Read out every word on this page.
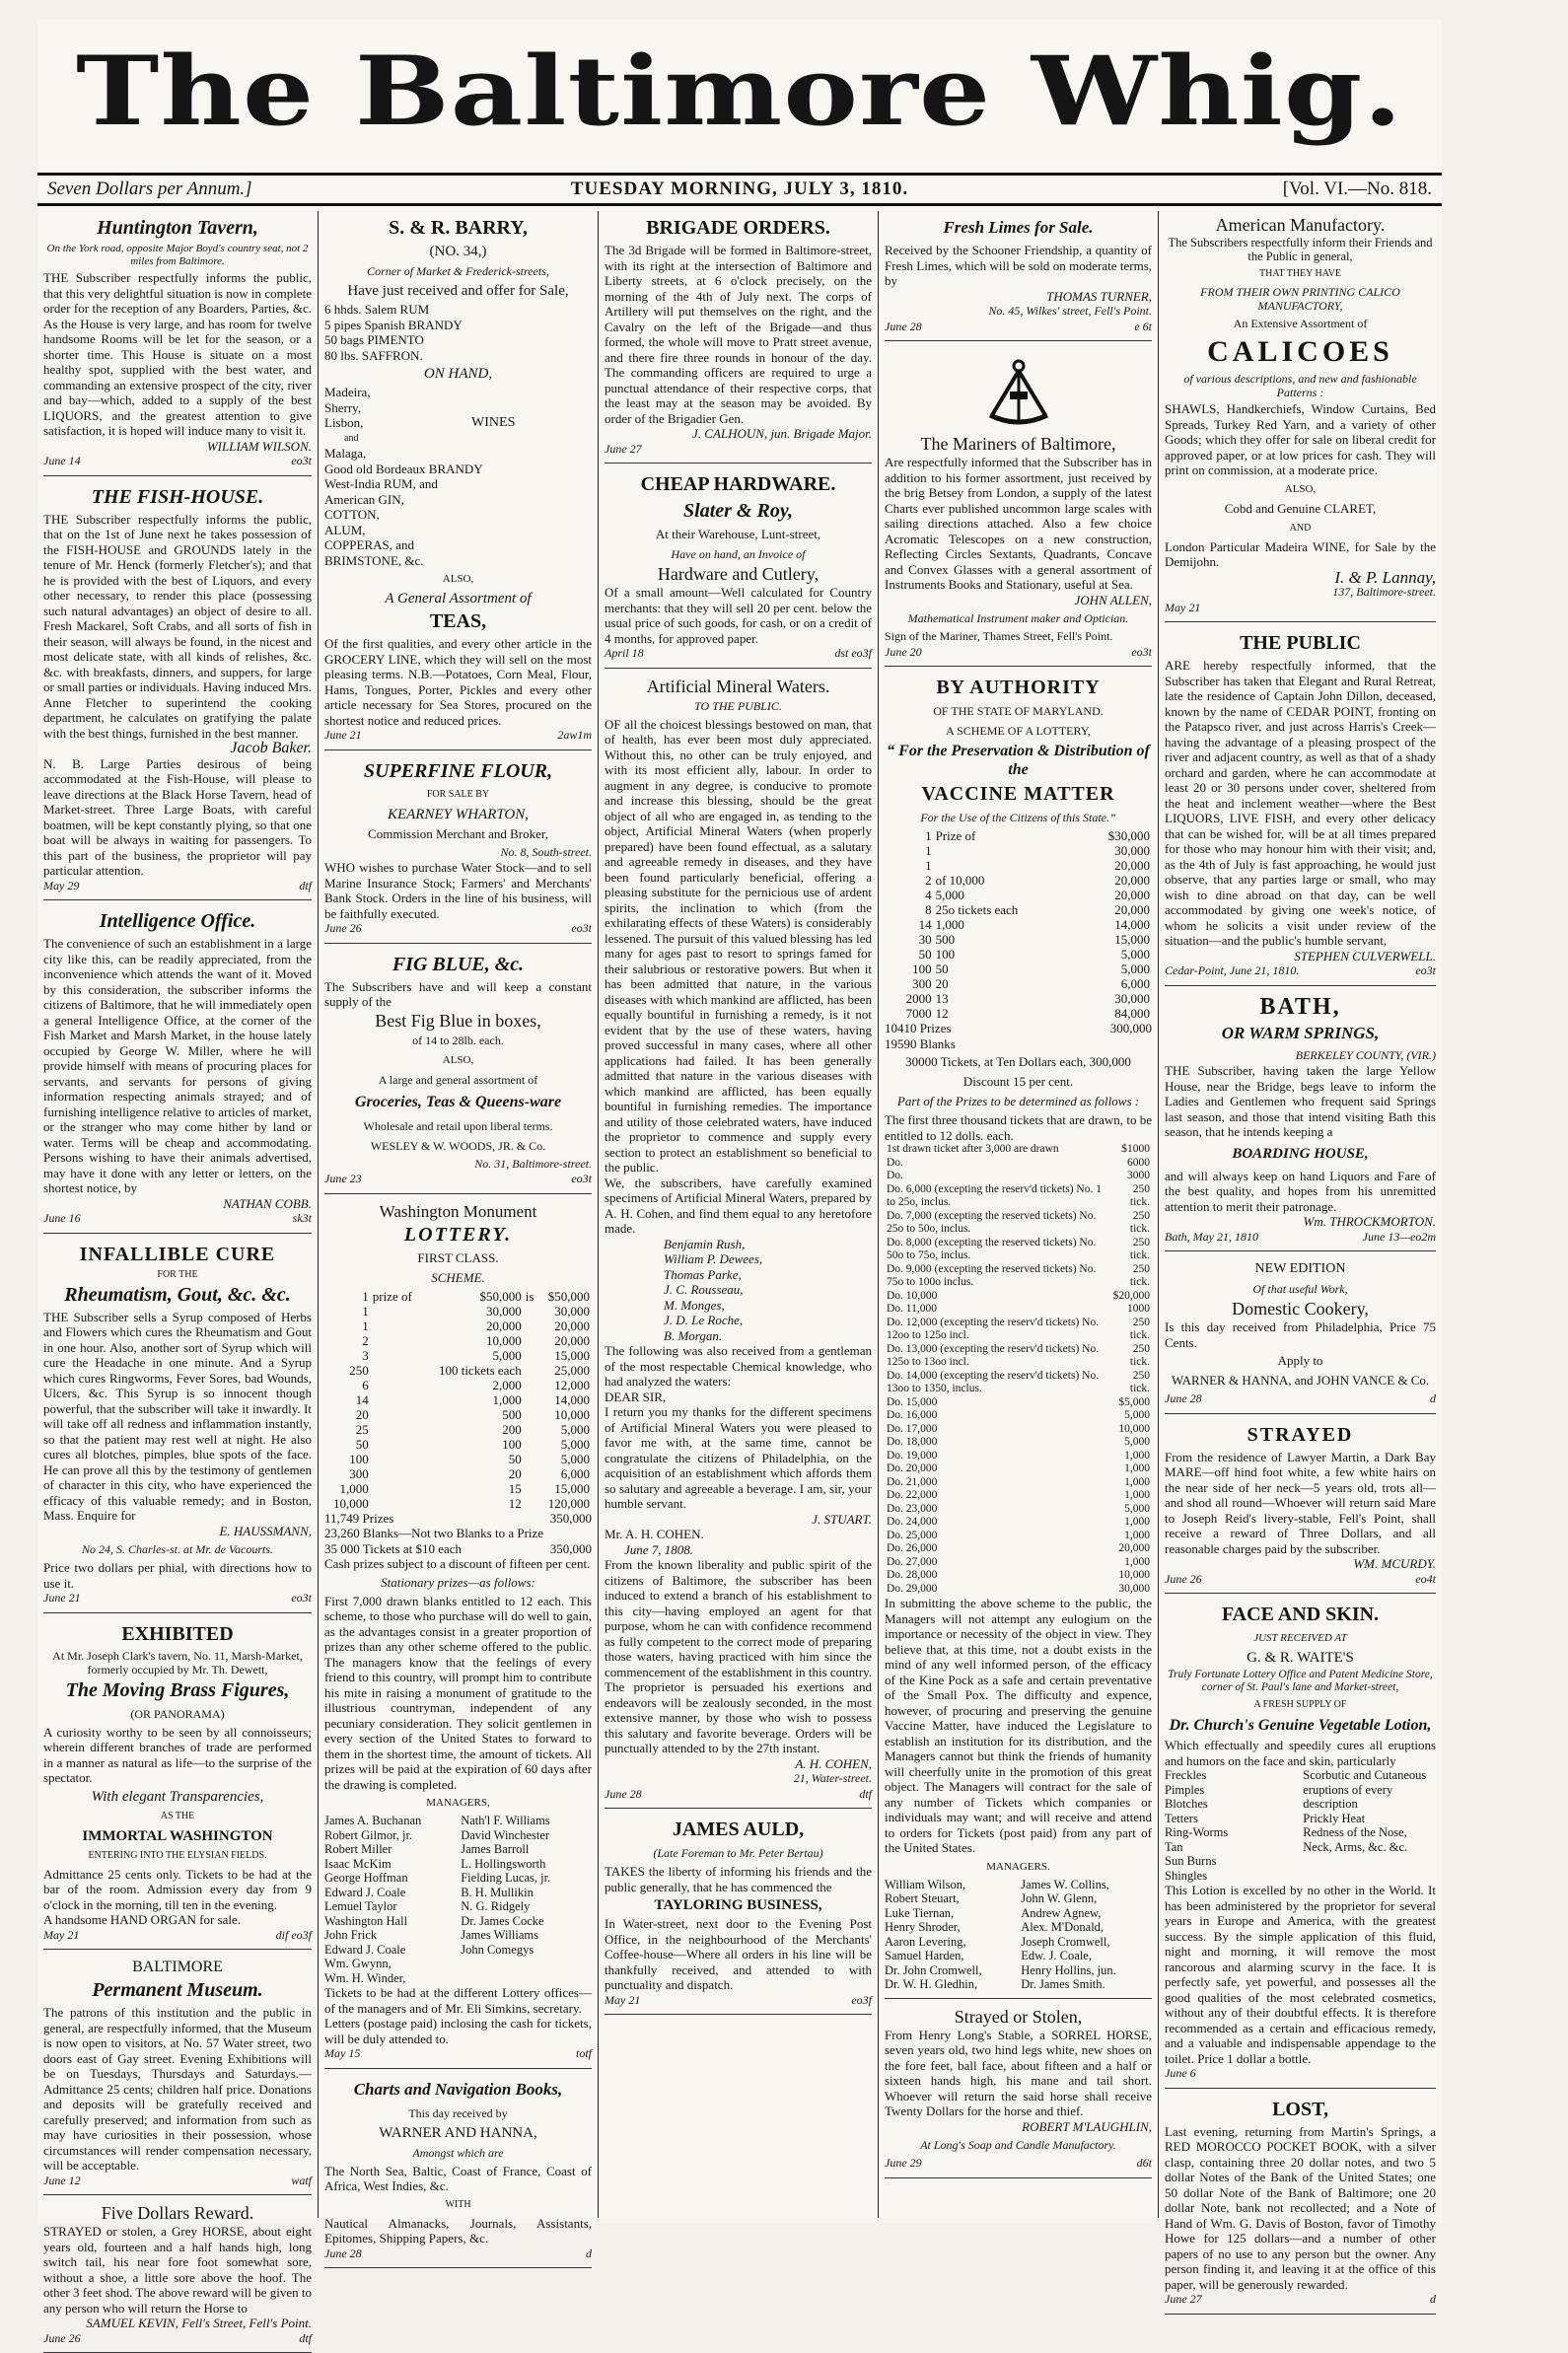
The Baltimore Whig.
Seven Dollars per Annum.]	TUESDAY MORNING, JULY 3, 1810.	[Vol. VI.—No. 818.
Huntington Tavern,
On the York road, opposite Major Boyd's country seat, not 2 miles from Baltimore.
THE Subscriber respectfully informs the public, that this very delightful situation is now in complete order for the reception of any Boarders, Parties, &c. As the House is very large, and has room for twelve handsome Rooms will be let for the season, or a shorter time. This House is situate on a most healthy spot, supplied with the best water, and commanding an extensive prospect of the city, river and bay—which, added to a supply of the best LIQUORS, and the greatest attention to give satisfaction, it is hoped will induce many to visit it.
WILLIAM WILSON.
June 14	eo3t
THE FISH-HOUSE.
THE Subscriber respectfully informs the public, that on the 1st of June next he takes possession of the FISH-HOUSE and GROUNDS lately in the tenure of Mr. Henck (formerly Fletcher's); and that he is provided with the best of Liquors, and every other necessary, to render this place (possessing such natural advantages) an object of desire to all. Fresh Mackarel, Soft Crabs, and all sorts of fish in their season, will always be found, in the nicest and most delicate state, with all kinds of relishes, &c. &c. with breakfasts, dinners, and suppers, for large or small parties or individuals. Having induced Mrs. Anne Fletcher to superintend the cooking department, he calculates on gratifying the palate with the best things, furnished in the best manner.
Jacob Baker.
N. B. Large Parties desirous of being accommodated at the Fish-House, will please to leave directions at the Black Horse Tavern, head of Market-street. Three Large Boats, with careful boatmen, will be kept constantly plying, so that one boat will be always in waiting for passengers. To this part of the business, the proprietor will pay particular attention.
May 29	dtf
Intelligence Office.
The convenience of such an establishment in a large city like this, can be readily appreciated, from the inconvenience which attends the want of it. Moved by this consideration, the subscriber informs the citizens of Baltimore, that he will immediately open a general Intelligence Office, at the corner of the Fish Market and Marsh Market, in the house lately occupied by George W. Miller, where he will provide himself with means of procuring places for servants, and servants for persons of giving information respecting animals strayed; and of furnishing intelligence relative to articles of market, or the stranger who may come hither by land or water. Terms will be cheap and accommodating. Persons wishing to have their animals advertised, may have it done with any letter or letters, on the shortest notice, by
NATHAN COBB.
June 16	sk3t
INFALLIBLE CURE
FOR THE
Rheumatism, Gout, &c. &c.
THE Subscriber sells a Syrup composed of Herbs and Flowers which cures the Rheumatism and Gout in one hour. Also, another sort of Syrup which will cure the Headache in one minute. And a Syrup which cures Ringworms, Fever Sores, bad Wounds, Ulcers, &c. This Syrup is so innocent though powerful, that the subscriber will take it inwardly. It will take off all redness and inflammation instantly, so that the patient may rest well at night. He also cures all blotches, pimples, blue spots of the face. He can prove all this by the testimony of gentlemen of character in this city, who have experienced the efficacy of this valuable remedy; and in Boston, Mass. Enquire for
E. HAUSSMANN,
No 24, S. Charles-st. at Mr. de Vacourts.
Price two dollars per phial, with directions how to use it.
June 21	eo3t
EXHIBITED
At Mr. Joseph Clark's tavern, No. 11, Marsh-Market, formerly occupied by Mr. Th. Dewett,
The Moving Brass Figures,
(OR PANORAMA)
A curiosity worthy to be seen by all connoisseurs; wherein different branches of trade are performed in a manner as natural as life—to the surprise of the spectator.
With elegant Transparencies,
AS THE
IMMORTAL WASHINGTON
ENTERING INTO THE ELYSIAN FIELDS.
Admittance 25 cents only. Tickets to be had at the bar of the room. Admission every day from 9 o'clock in the morning, till ten in the evening.
A handsome HAND ORGAN for sale.
May 21	dif eo3f
BALTIMORE
Permanent Museum.
The patrons of this institution and the public in general, are respectfully informed, that the Museum is now open to visitors, at No. 57 Water street, two doors east of Gay street. Evening Exhibitions will be on Tuesdays, Thursdays and Saturdays.—Admittance 25 cents; children half price. Donations and deposits will be gratefully received and carefully preserved; and information from such as may have curiosities in their possession, whose circumstances will render compensation necessary, will be acceptable.
June 12	watf
Five Dollars Reward.
STRAYED or stolen, a Grey HORSE, about eight years old, fourteen and a half hands high, long switch tail, his near fore foot somewhat sore, without a shoe, a little sore above the hoof. The other 3 feet shod. The above reward will be given to any person who will return the Horse to
SAMUEL KEVIN, Fell's Street, Fell's Point.
June 26	dtf
S. & R. BARRY,
(NO. 34,)
Corner of Market & Frederick-streets,
Have just received and offer for Sale,
6 hhds. Salem RUM
5 pipes Spanish BRANDY
50 bags PIMENTO
80 lbs. SAFFRON.
ON HAND,
Madeira,
Sherry,
Lisbon,
and
Malaga,
WINES
Good old Bordeaux BRANDY
West-India RUM, and
American GIN,
COTTON,
ALUM,
COPPERAS, and
BRIMSTONE, &c.
ALSO,
A General Assortment of
TEAS,
Of the first qualities, and every other article in the GROCERY LINE, which they will sell on the most pleasing terms. N.B.—Potatoes, Corn Meal, Flour, Hams, Tongues, Porter, Pickles and every other article necessary for Sea Stores, procured on the shortest notice and reduced prices.
June 21	2aw1m
SUPERFINE FLOUR,
FOR SALE BY
KEARNEY WHARTON,
Commission Merchant and Broker,
No. 8, South-street.
WHO wishes to purchase Water Stock—and to sell Marine Insurance Stock; Farmers' and Merchants' Bank Stock. Orders in the line of his business, will be faithfully executed.
June 26	eo3t
FIG BLUE, &c.
The Subscribers have and will keep a constant supply of the
Best Fig Blue in boxes,
of 14 to 28lb. each.
ALSO,
A large and general assortment of
Groceries, Teas & Queens-ware
Wholesale and retail upon liberal terms.
WESLEY & W. WOODS, JR. & Co.
No. 31, Baltimore-street.
June 23	eo3t
Washington Monument
LOTTERY.
FIRST CLASS.
SCHEME.
1	prize of	$50,000	is	$50,000
1		30,000		30,000
1		20,000		20,000
2		10,000		20,000
3		5,000		15,000
250		100 tickets each		25,000
6		2,000		12,000
14		1,000		14,000
20		500		10,000
25		200		5,000
50		100		5,000
100		50		5,000
300		20		6,000
1,000		15		15,000
10,000		12		120,000
11,749 Prizes	350,000
23,260 Blanks—Not two Blanks to a Prize
35 000 Tickets at $10 each	350,000
Cash prizes subject to a discount of fifteen per cent.
Stationary prizes—as follows:
First 7,000 drawn blanks entitled to 12 each. This scheme, to those who purchase will do well to gain, as the advantages consist in a greater proportion of prizes than any other scheme offered to the public. The managers know that the feelings of every friend to this country, will prompt him to contribute his mite in raising a monument of gratitude to the illustrious countryman, independent of any pecuniary consideration. They solicit gentlemen in every section of the United States to forward to them in the shortest time, the amount of tickets. All prizes will be paid at the expiration of 60 days after the drawing is completed.
MANAGERS,
James A. Buchanan
Robert Gilmor, jr.
Robert Miller
Isaac McKim
George Hoffman
Edward J. Coale
Lemuel Taylor
Washington Hall
John Frick
Edward J. Coale
Wm. Gwynn,
Wm. H. Winder,
Nath'l F. Williams
David Winchester
James Barroll
L. Hollingsworth
Fielding Lucas, jr.
B. H. Mullikin
N. G. Ridgely
Dr. James Cocke
James Williams
John Comegys
Tickets to be had at the different Lottery offices—of the managers and of Mr. Eli Simkins, secretary.
Letters (postage paid) inclosing the cash for tickets, will be duly attended to.
May 15	totf
Charts and Navigation Books,
This day received by
WARNER AND HANNA,
Amongst which are
The North Sea, Baltic, Coast of France, Coast of Africa, West Indies, &c.
WITH
Nautical Almanacks, Journals, Assistants, Epitomes, Shipping Papers, &c.
June 28	d
BRIGADE ORDERS.
The 3d Brigade will be formed in Baltimore-street, with its right at the intersection of Baltimore and Liberty streets, at 6 o'clock precisely, on the morning of the 4th of July next. The corps of Artillery will put themselves on the right, and the Cavalry on the left of the Brigade—and thus formed, the whole will move to Pratt street avenue, and there fire three rounds in honour of the day. The commanding officers are required to urge a punctual attendance of their respective corps, that the least may at the season may be avoided. By order of the Brigadier Gen.
J. CALHOUN, jun. Brigade Major.
June 27
CHEAP HARDWARE.
Slater & Roy,
At their Warehouse, Lunt-street,
Have on hand, an Invoice of
Hardware and Cutlery,
Of a small amount—Well calculated for Country merchants: that they will sell 20 per cent. below the usual price of such goods, for cash, or on a credit of 4 months, for approved paper.
April 18	dst eo3f
Artificial Mineral Waters.
TO THE PUBLIC.
OF all the choicest blessings bestowed on man, that of health, has ever been most duly appreciated. Without this, no other can be truly enjoyed, and with its most efficient ally, labour. In order to augment in any degree, is conducive to promote and increase this blessing, should be the great object of all who are engaged in, as tending to the object, Artificial Mineral Waters (when properly prepared) have been found effectual, as a salutary and agreeable remedy in diseases, and they have been found particularly beneficial, offering a pleasing substitute for the pernicious use of ardent spirits, the inclination to which (from the exhilarating effects of these Waters) is considerably lessened. The pursuit of this valued blessing has led many for ages past to resort to springs famed for their salubrious or restorative powers. But when it has been admitted that nature, in the various diseases with which mankind are afflicted, has been equally bountiful in furnishing a remedy, is it not evident that by the use of these waters, having proved successful in many cases, where all other applications had failed. It has been generally admitted that nature in the various diseases with which mankind are afflicted, has been equally bountiful in furnishing remedies. The importance and utility of those celebrated waters, have induced the proprietor to commence and supply every section to protect an establishment so beneficial to the public.
We, the subscribers, have carefully examined specimens of Artificial Mineral Waters, prepared by A. H. Cohen, and find them equal to any heretofore made.
Benjamin Rush,
William P. Dewees,
Thomas Parke,
J. C. Rousseau,
M. Monges,
J. D. Le Roche,
B. Morgan.
The following was also received from a gentleman of the most respectable Chemical knowledge, who had analyzed the waters:
DEAR SIR,
I return you my thanks for the different specimens of Artificial Mineral Waters you were pleased to favor me with, at the same time, cannot be congratulate the citizens of Philadelphia, on the acquisition of an establishment which affords them so salutary and agreeable a beverage. I am, sir, your humble servant.
J. STUART.
Mr. A. H. COHEN.
June 7, 1808.
From the known liberality and public spirit of the citizens of Baltimore, the subscriber has been induced to extend a branch of his establishment to this city—having employed an agent for that purpose, whom he can with confidence recommend as fully competent to the correct mode of preparing those waters, having practiced with him since the commencement of the establishment in this country. The proprietor is persuaded his exertions and endeavors will be zealously seconded, in the most extensive manner, by those who wish to possess this salutary and favorite beverage. Orders will be punctually attended to by the 27th instant.
A. H. COHEN,
21, Water-street.
June 28	dtf
JAMES AULD,
(Late Foreman to Mr. Peter Bertau)
TAKES the liberty of informing his friends and the public generally, that he has commenced the
TAYLORING BUSINESS,
In Water-street, next door to the Evening Post Office, in the neighbourhood of the Merchants' Coffee-house—Where all orders in his line will be thankfully received, and attended to with punctuality and dispatch.
May 21	eo3f
Fresh Limes for Sale.
Received by the Schooner Friendship, a quantity of Fresh Limes, which will be sold on moderate terms, by
THOMAS TURNER,
No. 45, Wilkes' street, Fell's Point.
June 28	e 6t
The Mariners of Baltimore,
Are respectfully informed that the Subscriber has in addition to his former assortment, just received by the brig Betsey from London, a supply of the latest Charts ever published uncommon large scales with sailing directions attached. Also a few choice Acromatic Telescopes on a new construction, Reflecting Circles Sextants, Quadrants, Concave and Convex Glasses with a general assortment of Instruments Books and Stationary, useful at Sea.
JOHN ALLEN,
Mathematical Instrument maker and Optician.
Sign of the Mariner, Thames Street, Fell's Point.
June 20	eo3t
BY AUTHORITY
OF THE STATE OF MARYLAND.
A SCHEME OF A LOTTERY,
“ For the Preservation & Distribution of the
VACCINE MATTER
For the Use of the Citizens of this State.”
1	Prize of	$30,000
1		30,000
1		20,000
2	of 10,000	20,000
4	5,000	20,000
8	25o tickets each	20,000
14	1,000	14,000
30	500	15,000
50	100	5,000
100	50	5,000
300	20	6,000
2000	13	30,000
7000	12	84,000
10410 Prizes	300,000
19590 Blanks
30000 Tickets, at Ten Dollars each, 300,000
Discount 15 per cent.
Part of the Prizes to be determined as follows :
The first three thousand tickets that are drawn, to be entitled to 12 dolls. each.
1st drawn ticket after 3,000 are drawn	$1000
Do.	6000
Do.	3000
Do. 6,000 (excepting the reserv'd tickets) No. 1 to 25o, inclus.	250 tick.
Do. 7,000 (excepting the reserved tickets) No. 25o to 50o, inclus.	250 tick.
Do. 8,000 (excepting the reserved tickets) No. 50o to 75o, inclus.	250 tick.
Do. 9,000 (excepting the reserved tickets) No. 75o to 100o inclus.	250 tick.
Do. 10,000	$20,000
Do. 11,000	1000
Do. 12,000 (excepting the reserv'd tickets) No. 12oo to 125o incl.	250 tick.
Do. 13,000 (excepting the reserv'd tickets) No. 125o to 13oo incl.	250 tick.
Do. 14,000 (excepting the reserv'd tickets) No. 13oo to 1350, inclus.	250 tick.
Do. 15,000	$5,000
Do. 16,000	5,000
Do. 17,000	10,000
Do. 18,000	5,000
Do. 19,000	1,000
Do. 20,000	1,000
Do. 21,000	1,000
Do. 22,000	1,000
Do. 23,000	5,000
Do. 24,000	1,000
Do. 25,000	1,000
Do. 26,000	20,000
Do. 27,000	1,000
Do. 28,000	10,000
Do. 29,000	30,000
In submitting the above scheme to the public, the Managers will not attempt any eulogium on the importance or necessity of the object in view. They believe that, at this time, not a doubt exists in the mind of any well informed person, of the efficacy of the Kine Pock as a safe and certain preventative of the Small Pox. The difficulty and expence, however, of procuring and preserving the genuine Vaccine Matter, have induced the Legislature to establish an institution for its distribution, and the Managers cannot but think the friends of humanity will cheerfully unite in the promotion of this great object. The Managers will contract for the sale of any number of Tickets which companies or individuals may want; and will receive and attend to orders for Tickets (post paid) from any part of the United States.
MANAGERS.
William Wilson,
Robert Steuart,
Luke Tiernan,
Henry Shroder,
Aaron Levering,
Samuel Harden,
Dr. John Cromwell,
Dr. W. H. Gledhin,
James W. Collins,
John W. Glenn,
Andrew Agnew,
Alex. M'Donald,
Joseph Cromwell,
Edw. J. Coale,
Henry Hollins, jun.
Dr. James Smith.
Strayed or Stolen,
From Henry Long's Stable, a SORREL HORSE, seven years old, two hind legs white, new shoes on the fore feet, ball face, about fifteen and a half or sixteen hands high, his mane and tail short. Whoever will return the said horse shall receive Twenty Dollars for the horse and thief.
ROBERT M'LAUGHLIN,
At Long's Soap and Candle Manufactory.
June 29	d6t
American Manufactory.
The Subscribers respectfully inform their Friends and the Public in general,
THAT THEY HAVE
FROM THEIR OWN PRINTING CALICO MANUFACTORY,
An Extensive Assortment of
CALICOES
of various descriptions, and new and fashionable Patterns :
SHAWLS, Handkerchiefs, Window Curtains, Bed Spreads, Turkey Red Yarn, and a variety of other Goods; which they offer for sale on liberal credit for approved paper, or at low prices for cash. They will print on commission, at a moderate price.
ALSO,
Cobd and Genuine CLARET,
AND
London Particular Madeira WINE, for Sale by the Demijohn.
I. & P. Lannay,
137, Baltimore-street.
May 21
THE PUBLIC
ARE hereby respectfully informed, that the Subscriber has taken that Elegant and Rural Retreat, late the residence of Captain John Dillon, deceased, known by the name of CEDAR POINT, fronting on the Patapsco river, and just across Harris's Creek—having the advantage of a pleasing prospect of the river and adjacent country, as well as that of a shady orchard and garden, where he can accommodate at least 20 or 30 persons under cover, sheltered from the heat and inclement weather—where the Best LIQUORS, LIVE FISH, and every other delicacy that can be wished for, will be at all times prepared for those who may honour him with their visit; and, as the 4th of July is fast approaching, he would just observe, that any parties large or small, who may wish to dine abroad on that day, can be well accommodated by giving one week's notice, of whom he solicits a visit under review of the situation—and the public's humble servant,
STEPHEN CULVERWELL.
Cedar-Point, June 21, 1810.	eo3t
BATH,
OR WARM SPRINGS,
BERKELEY COUNTY, (VIR.)
THE Subscriber, having taken the large Yellow House, near the Bridge, begs leave to inform the Ladies and Gentlemen who frequent said Springs last season, and those that intend visiting Bath this season, that he intends keeping a
BOARDING HOUSE,
and will always keep on hand Liquors and Fare of the best quality, and hopes from his unremitted attention to merit their patronage.
Wm. THROCKMORTON.
Bath, May 21, 1810	June 13—eo2m
NEW EDITION
Of that useful Work,
Domestic Cookery,
Is this day received from Philadelphia, Price 75 Cents.
Apply to
WARNER & HANNA, and JOHN VANCE & Co.
June 28	d
STRAYED
From the residence of Lawyer Martin, a Dark Bay MARE—off hind foot white, a few white hairs on the near side of her neck—5 years old, trots all—and shod all round—Whoever will return said Mare to Joseph Reid's livery-stable, Fell's Point, shall receive a reward of Three Dollars, and all reasonable charges paid by the subscriber.
WM. MCURDY.
June 26	eo4t
FACE AND SKIN.
JUST RECEIVED AT
G. & R. WAITE'S
Truly Fortunate Lottery Office and Patent Medicine Store, corner of St. Paul's lane and Market-street,
A FRESH SUPPLY OF
Dr. Church's Genuine Vegetable Lotion,
Which effectually and speedily cures all eruptions and humors on the face and skin, particularly
Freckles
Pimples
Blotches
Tetters
Ring-Worms
Tan
Sun Burns
Shingles
Scorbutic and Cutaneous eruptions of every description
Prickly Heat
Redness of the Nose, Neck, Arms, &c. &c.
This Lotion is excelled by no other in the World. It has been administered by the proprietor for several years in Europe and America, with the greatest success. By the simple application of this fluid, night and morning, it will remove the most rancorous and alarming scurvy in the face. It is perfectly safe, yet powerful, and possesses all the good qualities of the most celebrated cosmetics, without any of their doubtful effects. It is therefore recommended as a certain and efficacious remedy, and a valuable and indispensable appendage to the toilet. Price 1 dollar a bottle.
June 6
LOST,
Last evening, returning from Martin's Springs, a RED MOROCCO POCKET BOOK, with a silver clasp, containing three 20 dollar notes, and two 5 dollar Notes of the Bank of the United States; one 50 dollar Note of the Bank of Baltimore; one 20 dollar Note, bank not recollected; and a Note of Hand of Wm. G. Davis of Boston, favor of Timothy Howe for 125 dollars—and a number of other papers of no use to any person but the owner. Any person finding it, and leaving it at the office of this paper, will be generously rewarded.
June 27	d
